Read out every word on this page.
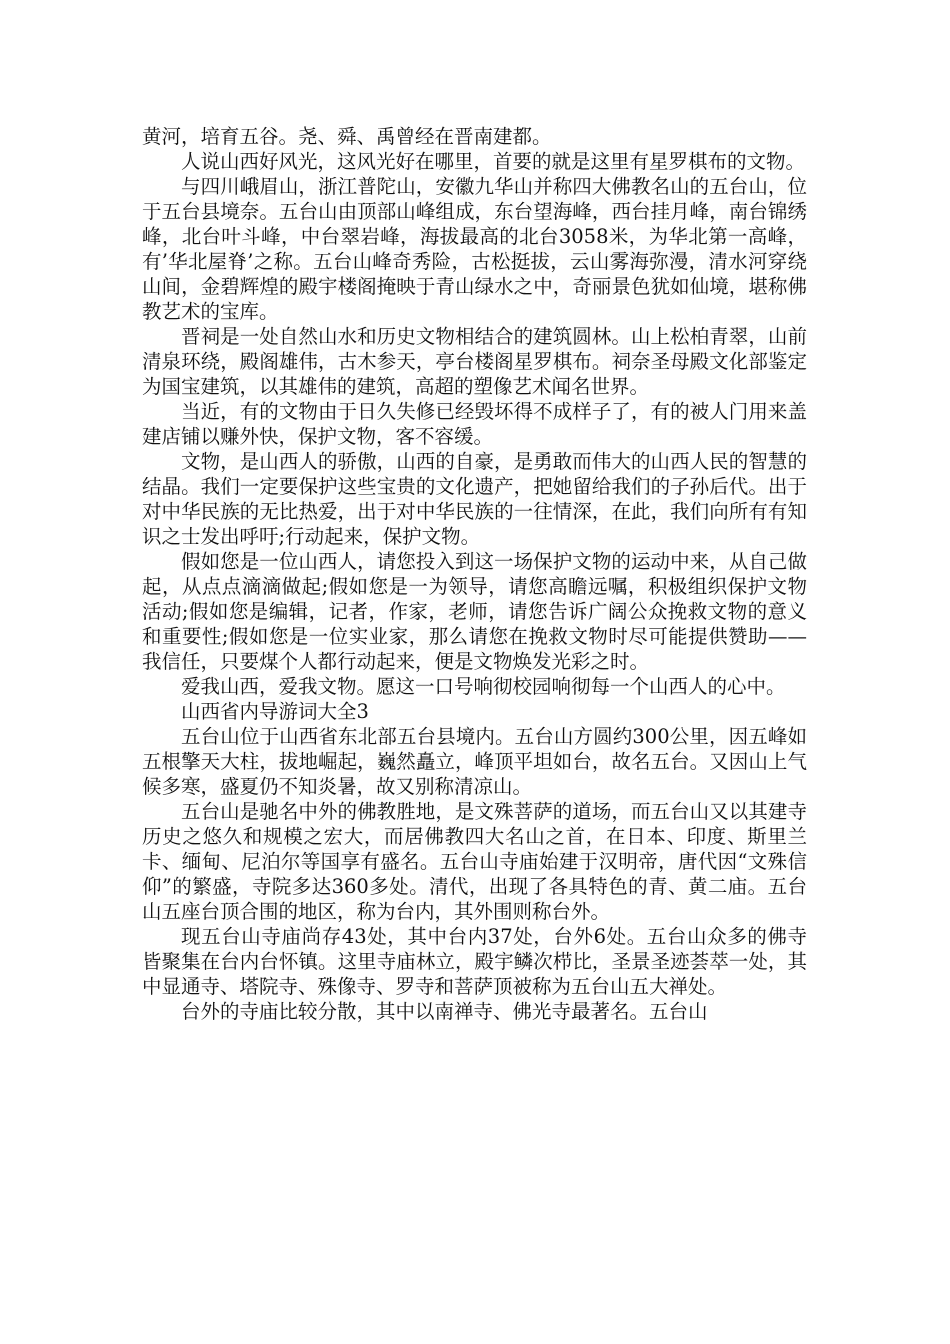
黄河，培育五谷。尧、舜、禹曾经在晋南建都。

人说山西好风光，这风光好在哪里，首要的就是这里有星罗棋布的文物。

与四川峨眉山，浙江普陀山，安徽九华山并称四大佛教名山的五台山，位于五台县境奈。五台山由顶部山峰组成，东台望海峰，西台挂月峰，南台锦绣峰，北台叶斗峰，中台翠岩峰，海拔最高的北台3058米，为华北第一高峰，有’华北屋脊’之称。五台山峰奇秀险，古松挺拔，云山雾海弥漫，清水河穿绕山间，金碧辉煌的殿宇楼阁掩映于青山绿水之中，奇丽景色犹如仙境，堪称佛教艺术的宝库。

晋祠是一处自然山水和历史文物相结合的建筑圆林。山上松柏青翠，山前清泉环绕，殿阁雄伟，古木参天，亭台楼阁星罗棋布。祠奈圣母殿文化部鉴定为国宝建筑，以其雄伟的建筑，高超的塑像艺术闻名世界。

当近，有的文物由于日久失修已经毁坏得不成样子了，有的被人门用来盖建店铺以赚外快，保护文物，客不容缓。

文物，是山西人的骄傲，山西的自豪，是勇敢而伟大的山西人民的智慧的结晶。我们一定要保护这些宝贵的文化遗产，把她留给我们的子孙后代。出于对中华民族的无比热爱，出于对中华民族的一往情深，在此，我们向所有有知识之士发出呼吁;行动起来，保护文物。

假如您是一位山西人，请您投入到这一场保护文物的运动中来，从自己做起，从点点滴滴做起;假如您是一为领导，请您高瞻远嘱，积极组织保护文物活动;假如您是编辑，记者，作家，老师，请您告诉广阔公众挽救文物的意义和重要性;假如您是一位实业家，那么请您在挽救文物时尽可能提供赞助——我信任，只要煤个人都行动起来，便是文物焕发光彩之时。

爱我山西，爱我文物。愿这一口号响彻校园响彻每一个山西人的心中。

山西省内导游词大全3

五台山位于山西省东北部五台县境内。五台山方圆约300公里，因五峰如五根擎天大柱，拔地崛起，巍然矗立，峰顶平坦如台，故名五台。又因山上气候多寒，盛夏仍不知炎暑，故又别称清凉山。

五台山是驰名中外的佛教胜地，是文殊菩萨的道场，而五台山又以其建寺历史之悠久和规模之宏大，而居佛教四大名山之首，在日本、印度、斯里兰卡、缅甸、尼泊尔等国享有盛名。五台山寺庙始建于汉明帝，唐代因“文殊信仰”的繁盛，寺院多达360多处。清代，出现了各具特色的青、黄二庙。五台山五座台顶合围的地区，称为台内，其外围则称台外。

现五台山寺庙尚存43处，其中台内37处，台外6处。五台山众多的佛寺皆聚集在台内台怀镇。这里寺庙林立，殿宇鳞次栉比，圣景圣迹荟萃一处，其中显通寺、塔院寺、殊像寺、罗寺和菩萨顶被称为五台山五大禅处。

台外的寺庙比较分散，其中以南禅寺、佛光寺最著名。五台山
